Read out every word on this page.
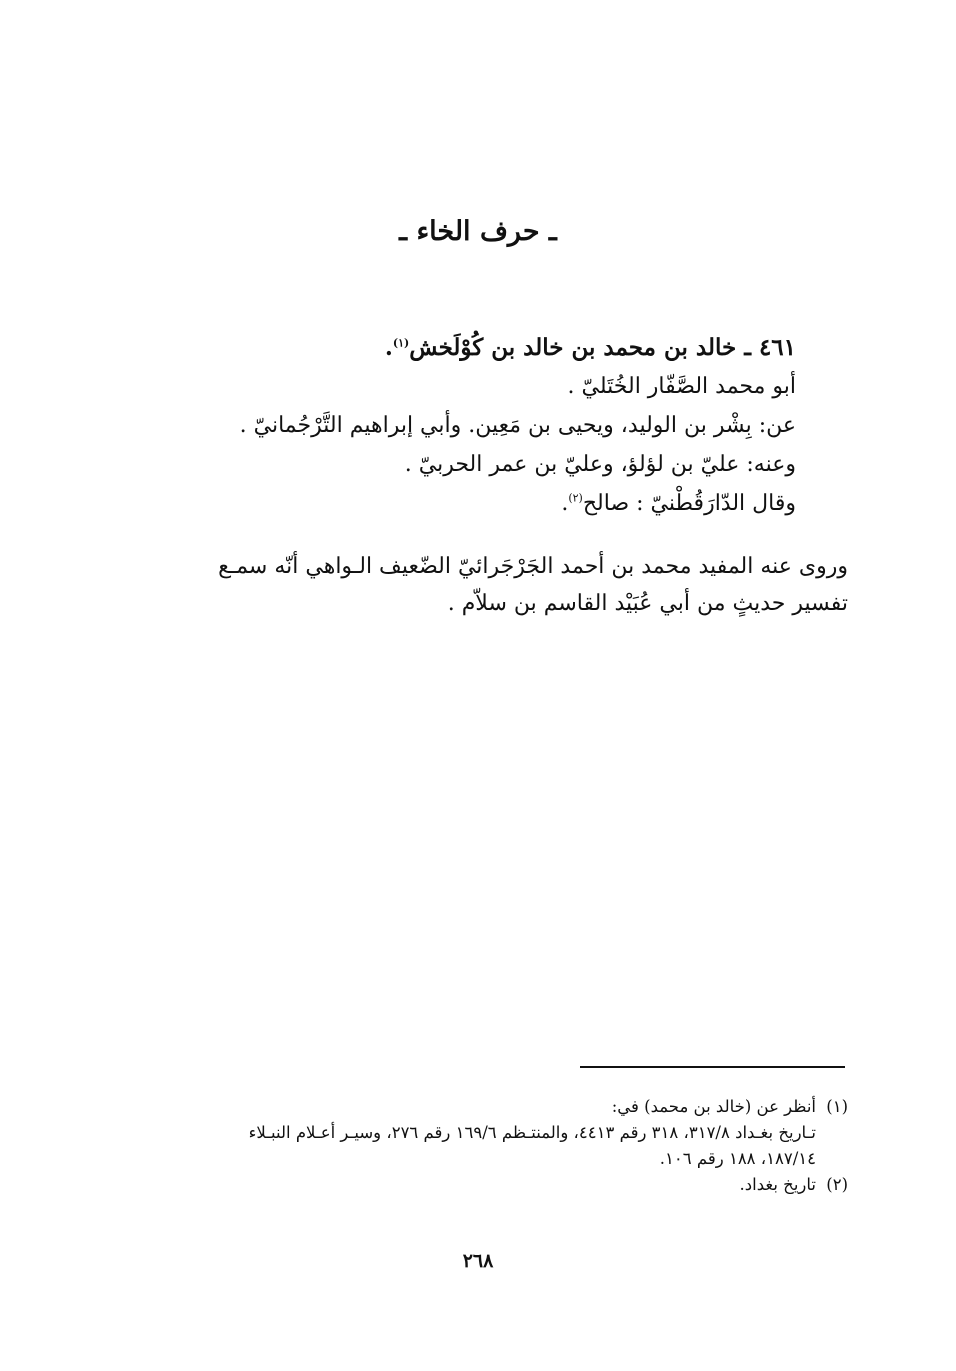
ـ حرف الخاء ـ
٤٦١ ـ خالد بن محمد بن خالد بن كُوْلَخش$^{(١)}$.
أبو محمد الصَّفّار الخُتَليّ .
عن: بِشْر بن الوليد، ويحيى بن مَعِين. وأبي إبراهيم التَّرْجُمانيّ .
وعنه: عليّ بن لؤلؤ، وعليّ بن عمر الحربيّ .
وقال الدّارَقُطْنيّ : صالح$^{(٢)}$.
وروى عنه المفيد محمد بن أحمد الجَرْجَرائيّ الضّعيف الـواهي أنّه سمـع
تفسير حديثٍ من أبي عُبَيْد القاسم بن سلاّم .
(١)أنظر عن (خالد بن محمد) في:
تـاريخ بغـداد ٣١٧/٨، ٣١٨ رقم ٤٤١٣، والمنتـظم ١٦٩/٦ رقم ٢٧٦، وسيـر أعـلام النبـلاء
١٨٧/١٤، ١٨٨ رقم ١٠٦.
(٢)تاريخ بغداد.
٢٦٨
